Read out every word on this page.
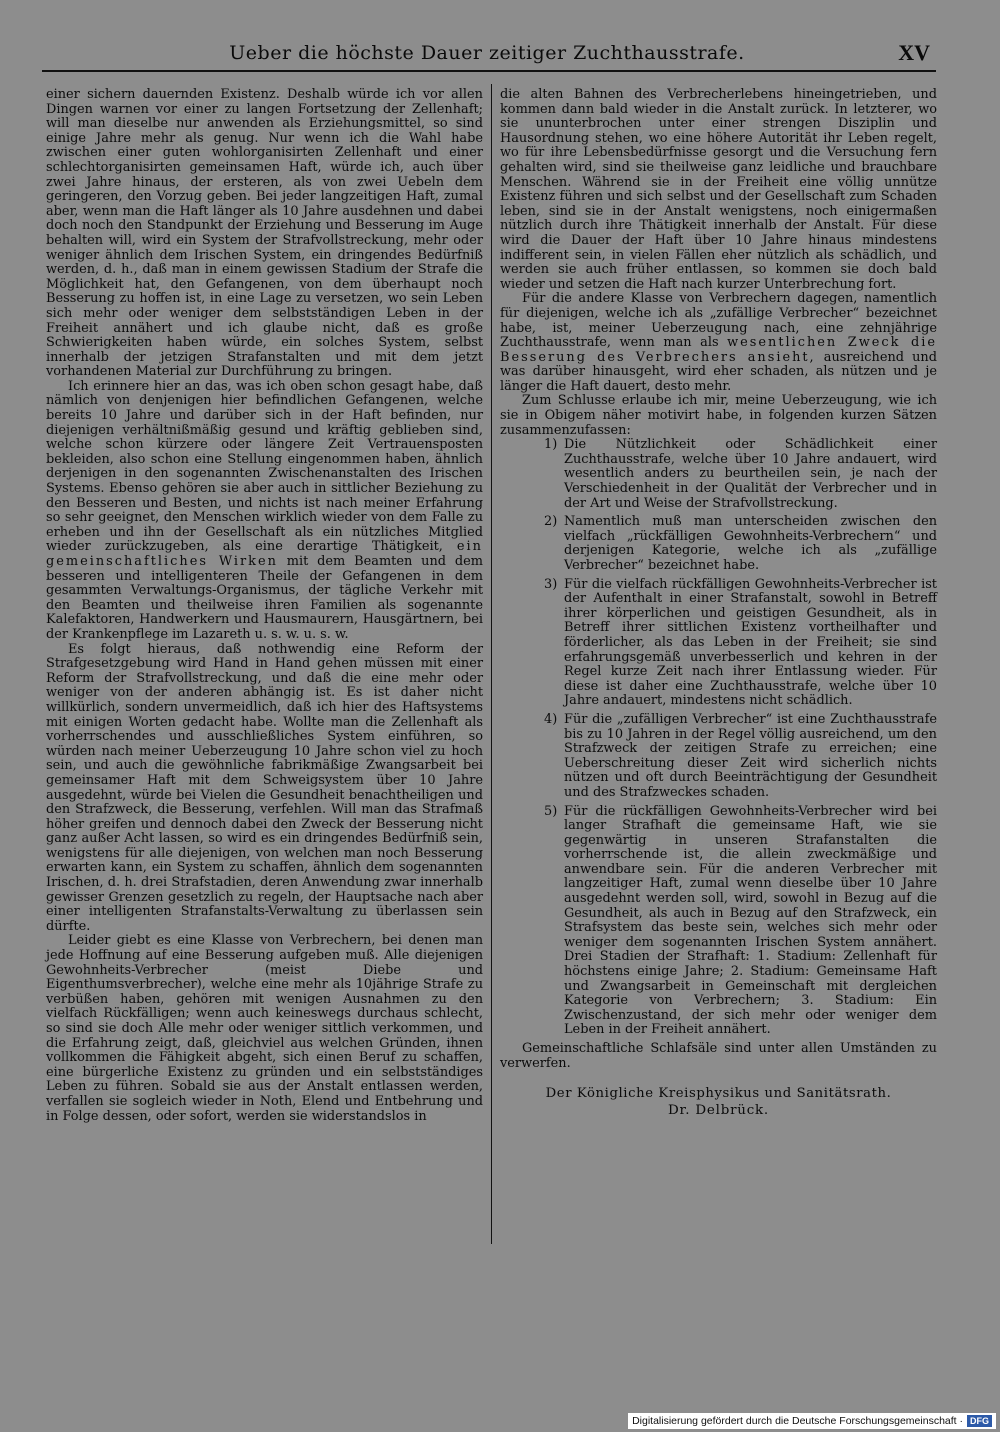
Ueber die höchste Dauer zeitiger Zuchthausstrafe.	XV

einer sichern dauernden Existenz. Deshalb würde ich vor allen Dingen warnen vor einer zu langen Fortsetzung der Zellenhaft; will man dieselbe nur anwenden als Erziehungsmittel, so sind einige Jahre mehr als genug. Nur wenn ich die Wahl habe zwischen einer guten wohlorganisirten Zellenhaft und einer schlechtorganisirten gemeinsamen Haft, würde ich, auch über zwei Jahre hinaus, der ersteren, als von zwei Uebeln dem geringeren, den Vorzug geben. Bei jeder langzeitigen Haft, zumal aber, wenn man die Haft länger als 10 Jahre ausdehnen und dabei doch noch den Standpunkt der Erziehung und Besserung im Auge behalten will, wird ein System der Strafvollstreckung, mehr oder weniger ähnlich dem Irischen System, ein dringendes Bedürfniß werden, d. h., daß man in einem gewissen Stadium der Strafe die Möglichkeit hat, den Gefangenen, von dem überhaupt noch Besserung zu hoffen ist, in eine Lage zu versetzen, wo sein Leben sich mehr oder weniger dem selbstständigen Leben in der Freiheit annähert und ich glaube nicht, daß es große Schwierigkeiten haben würde, ein solches System, selbst innerhalb der jetzigen Strafanstalten und mit dem jetzt vorhandenen Material zur Durchführung zu bringen.

Ich erinnere hier an das, was ich oben schon gesagt habe, daß nämlich von denjenigen hier befindlichen Gefangenen, welche bereits 10 Jahre und darüber sich in der Haft befinden, nur diejenigen verhältnißmäßig gesund und kräftig geblieben sind, welche schon kürzere oder längere Zeit Vertrauensposten bekleiden, also schon eine Stellung eingenommen haben, ähnlich derjenigen in den sogenannten Zwischenanstalten des Irischen Systems. Ebenso gehören sie aber auch in sittlicher Beziehung zu den Besseren und Besten, und nichts ist nach meiner Erfahrung so sehr geeignet, den Menschen wirklich wieder von dem Falle zu erheben und ihn der Gesellschaft als ein nützliches Mitglied wieder zurückzugeben, als eine derartige Thätigkeit, ein gemeinschaftliches Wirken mit dem Beamten und dem besseren und intelligenteren Theile der Gefangenen in dem gesammten Verwaltungs-Organismus, der tägliche Verkehr mit den Beamten und theilweise ihren Familien als sogenannte Kalefaktoren, Handwerkern und Hausmaurern, Hausgärtnern, bei der Krankenpflege im Lazareth u. s. w. u. s. w.

Es folgt hieraus, daß nothwendig eine Reform der Strafgesetzgebung wird Hand in Hand gehen müssen mit einer Reform der Strafvollstreckung, und daß die eine mehr oder weniger von der anderen abhängig ist. Es ist daher nicht willkürlich, sondern unvermeidlich, daß ich hier des Haftsystems mit einigen Worten gedacht habe. Wollte man die Zellenhaft als vorherrschendes und ausschließliches System einführen, so würden nach meiner Ueberzeugung 10 Jahre schon viel zu hoch sein, und auch die gewöhnliche fabrikmäßige Zwangsarbeit bei gemeinsamer Haft mit dem Schweigsystem über 10 Jahre ausgedehnt, würde bei Vielen die Gesundheit benachtheiligen und den Strafzweck, die Besserung, verfehlen. Will man das Strafmaß höher greifen und dennoch dabei den Zweck der Besserung nicht ganz außer Acht lassen, so wird es ein dringendes Bedürfniß sein, wenigstens für alle diejenigen, von welchen man noch Besserung erwarten kann, ein System zu schaffen, ähnlich dem sogenannten Irischen, d. h. drei Strafstadien, deren Anwendung zwar innerhalb gewisser Grenzen gesetzlich zu regeln, der Hauptsache nach aber einer intelligenten Strafanstalts-Verwaltung zu überlassen sein dürfte.

Leider giebt es eine Klasse von Verbrechern, bei denen man jede Hoffnung auf eine Besserung aufgeben muß. Alle diejenigen Gewohnheits-Verbrecher (meist Diebe und Eigenthumsverbrecher), welche eine mehr als 10jährige Strafe zu verbüßen haben, gehören mit wenigen Ausnahmen zu den vielfach Rückfälligen; wenn auch keineswegs durchaus schlecht, so sind sie doch Alle mehr oder weniger sittlich verkommen, und die Erfahrung zeigt, daß, gleichviel aus welchen Gründen, ihnen vollkommen die Fähigkeit abgeht, sich einen Beruf zu schaffen, eine bürgerliche Existenz zu gründen und ein selbstständiges Leben zu führen. Sobald sie aus der Anstalt entlassen werden, verfallen sie sogleich wieder in Noth, Elend und Entbehrung und in Folge dessen, oder sofort, werden sie widerstandslos in

die alten Bahnen des Verbrecherlebens hineingetrieben, und kommen dann bald wieder in die Anstalt zurück. In letzterer, wo sie ununterbrochen unter einer strengen Disziplin und Hausordnung stehen, wo eine höhere Autorität ihr Leben regelt, wo für ihre Lebensbedürfnisse gesorgt und die Versuchung fern gehalten wird, sind sie theilweise ganz leidliche und brauchbare Menschen. Während sie in der Freiheit eine völlig unnütze Existenz führen und sich selbst und der Gesellschaft zum Schaden leben, sind sie in der Anstalt wenigstens, noch einigermaßen nützlich durch ihre Thätigkeit innerhalb der Anstalt. Für diese wird die Dauer der Haft über 10 Jahre hinaus mindestens indifferent sein, in vielen Fällen eher nützlich als schädlich, und werden sie auch früher entlassen, so kommen sie doch bald wieder und setzen die Haft nach kurzer Unterbrechung fort.

Für die andere Klasse von Verbrechern dagegen, namentlich für diejenigen, welche ich als „zufällige Verbrecher“ bezeichnet habe, ist, meiner Ueberzeugung nach, eine zehnjährige Zuchthausstrafe, wenn man als wesentlichen Zweck die Besserung des Verbrechers ansieht, ausreichend und was darüber hinausgeht, wird eher schaden, als nützen und je länger die Haft dauert, desto mehr.

Zum Schlusse erlaube ich mir, meine Ueberzeugung, wie ich sie in Obigem näher motivirt habe, in folgenden kurzen Sätzen zusammenzufassen:

1) Die Nützlichkeit oder Schädlichkeit einer Zuchthausstrafe, welche über 10 Jahre andauert, wird wesentlich anders zu beurtheilen sein, je nach der Verschiedenheit in der Qualität der Verbrecher und in der Art und Weise der Strafvollstreckung.
2) Namentlich muß man unterscheiden zwischen den vielfach „rückfälligen Gewohnheits-Verbrechern“ und derjenigen Kategorie, welche ich als „zufällige Verbrecher“ bezeichnet habe.
3) Für die vielfach rückfälligen Gewohnheits-Verbrecher ist der Aufenthalt in einer Strafanstalt, sowohl in Betreff ihrer körperlichen und geistigen Gesundheit, als in Betreff ihrer sittlichen Existenz vortheilhafter und förderlicher, als das Leben in der Freiheit; sie sind erfahrungsgemäß unverbesserlich und kehren in der Regel kurze Zeit nach ihrer Entlassung wieder. Für diese ist daher eine Zuchthausstrafe, welche über 10 Jahre andauert, mindestens nicht schädlich.
4) Für die „zufälligen Verbrecher“ ist eine Zuchthausstrafe bis zu 10 Jahren in der Regel völlig ausreichend, um den Strafzweck der zeitigen Strafe zu erreichen; eine Ueberschreitung dieser Zeit wird sicherlich nichts nützen und oft durch Beeinträchtigung der Gesundheit und des Strafzweckes schaden.
5) Für die rückfälligen Gewohnheits-Verbrecher wird bei langer Strafhaft die gemeinsame Haft, wie sie gegenwärtig in unseren Strafanstalten die vorherrschende ist, die allein zweckmäßige und anwendbare sein. Für die anderen Verbrecher mit langzeitiger Haft, zumal wenn dieselbe über 10 Jahre ausgedehnt werden soll, wird, sowohl in Bezug auf die Gesundheit, als auch in Bezug auf den Strafzweck, ein Strafsystem das beste sein, welches sich mehr oder weniger dem sogenannten Irischen System annähert. Drei Stadien der Strafhaft: 1. Stadium: Zellenhaft für höchstens einige Jahre; 2. Stadium: Gemeinsame Haft und Zwangsarbeit in Gemeinschaft mit dergleichen Kategorie von Verbrechern; 3. Stadium: Ein Zwischenzustand, der sich mehr oder weniger dem Leben in der Freiheit annähert.

Gemeinschaftliche Schlafsäle sind unter allen Umständen zu verwerfen.

Der Königliche Kreisphysikus und Sanitätsrath.
Dr. Delbrück.
Digitalisierung gefördert durch die Deutsche Forschungsgemeinschaft · DFG
